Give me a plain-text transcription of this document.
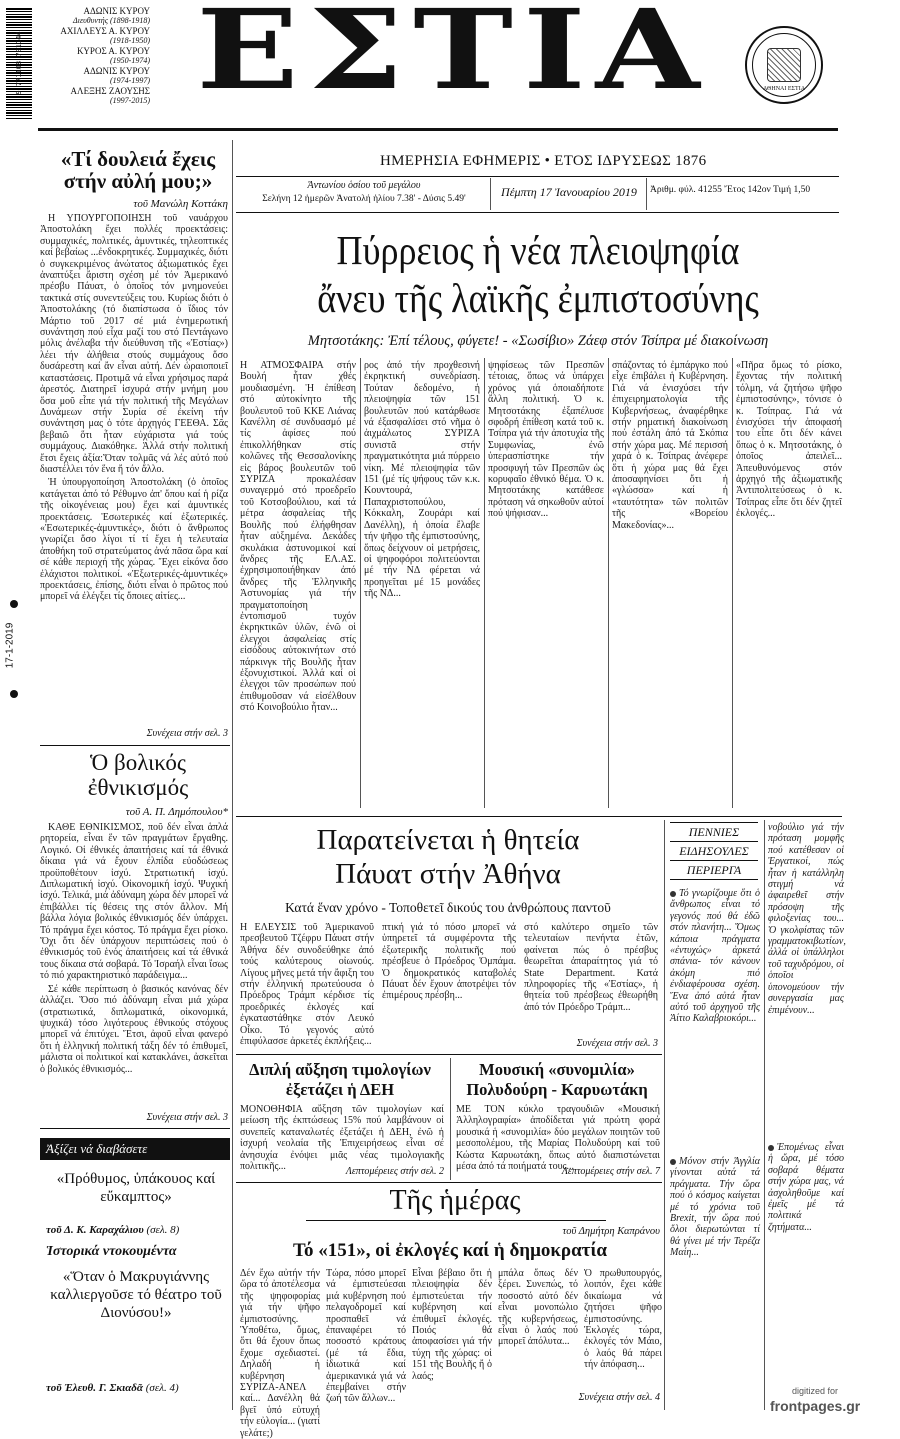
ΑΔΩΝΙΣ ΚΥΡΟΥ
Διευθυντής (1898-1918)
ΑΧΙΛΛΕΥΣ Α. ΚΥΡΟΥ
(1918-1950)
ΚΥΡΟΣ Α. ΚΥΡΟΥ
(1950-1974)
ΑΔΩΝΙΣ ΚΥΡΟΥ
(1974-1997)
ΑΛΕΞΗΣ ΖΑΟΥΣΗΣ
(1997-2015)
9 771108 701144 ΕΣΤΙΑ	ΑΘΗΝΑΙ ΕΣΤΙΑ
ΗΜΕΡΗΣΙΑ ΕΦΗΜΕΡΙΣ • ΕΤΟΣ ΙΔΡΥΣΕΩΣ 1876
Ἀντωνίου ὁσίου τοῦ μεγάλου
Σελήνη 12 ἡμερῶν Ἀνατολή ἡλίου 7.38' - Δύσις 5.49'	Πέμπτη 17 Ἰανουαρίου 2019	Ἀριθμ. φύλ. 41255 Ἔτος 142ον Τιμή 1,50
17-1-2019
«Τί δουλειά ἔχεις στήν αὐλή μου;»
τοῦ Μανώλη Κοττάκη

Η ΥΠΟΥΡΓΟΠΟΙΗΣΗ τοῦ ναυάρχου Ἀποστολάκη ἔχει πολλές προεκτάσεις: συμμαχικές, πολιτικές, ἀμυντικές, τηλεοπτικές καί βεβαίως ...ἐνδοκρητικές. Συμμαχικές, διότι ὁ συγκεκριμένος ἀνώτατος ἀξιωματικός ἔχει ἀναπτύξει ἄριστη σχέση μέ τόν Ἀμερικανό πρέσβυ Πάυατ, ὁ ὁποῖος τόν μνημονεύει τακτικά στίς συνεντεύξεις του. Κυρίως διότι ὁ Ἀποστολάκης (τό διαπίστωσα ὁ ἴδιος τόν Μάρτιο τοῦ 2017 σέ μιά ἐνημερωτική συνάντηση πού εἶχα μαζί του στό Πεντάγωνο μόλις ἀνέλαβα τήν διεύθυνση τῆς «Ἑστίας») λέει τήν ἀλήθεια στούς συμμάχους ὅσο δυσάρεστη καί ἄν εἶναι αὐτή. Δέν ὡραιοποιεῖ καταστάσεις. Προτιμᾶ νά εἶναι χρήσιμος παρά ἀρεστός. Διατηρεῖ ἰσχυρά στήν μνήμη μου ὅσα μοῦ εἶπε γιά τήν πολιτική τῆς Μεγάλων Δυνάμεων στήν Συρία σέ ἐκείνη τήν συνάντηση μας ὁ τότε ἀρχηγός ΓΕΕΘΑ. Σᾶς βεβαιῶ ὅτι ἦταν εὐχάριστα γιά τούς συμμάχους. Διακόθηκε. Ἀλλά στήν πολιτική ἔτσι ἔχεις ἀξία:Ὅταν τολμᾶς νά λές αὐτό πού διαστέλλει τόν ἕνα ἤ τόν ἄλλο.

Ἡ ὑπουργοποίηση Ἀποστολάκη (ὁ ὁποῖος κατάγεται ἀπό τό Ρέθυμνο ἀπ' ὅπου καί ἡ ρίζα τῆς οἰκογένειας μου) ἔχει καί ἀμυντικές προεκτάσεις. Ἐσωτερικές καί ἐξωτερικές. «Ἐσωτερικές-ἀμυντικές», διότι ὁ ἄνθρωπος γνωρίζει ὅσο λίγοι τί τί ἔχει ἡ τελευταία ἀποθήκη τοῦ στρατεύματος ἀνά πᾶσα ὥρα καί σέ κάθε περιοχή τῆς χώρας. Ἔχει εἰκόνα ὅσο ἐλάχιστοι πολιτικοί. «Ἐξωτερικές-ἀμυντικές» προεκτάσεις, ἐπίσης, διότι εἶναι ὁ πρῶτος πού μπορεῖ νά ἐλέγξει τίς ὅποιες αἰτίες...

Συνέχεια στήν σελ. 3
Ὁ βολικός ἐθνικισμός
τοῦ Α. Π. Δημόπουλου*

ΚΑΘΕ ΕΘΝΙΚΙΣΜΟΣ, ποῦ δέν εἶναι ἁπλά ρητορεία, εἶναι ἕν τῶν πραγμάτων ἔργαθης. Λογικό. Οἱ ἐθνικές ἀπαιτήσεις καί τά ἐθνικά δίκαια γιά νά ἔχουν ἐλπίδα εὐοδώσεως προϋποθέτουν ἰσχύ. Στρατιωτική ἰσχύ. Διπλωματική ἰσχύ. Οἰκονομική ἰσχύ. Ψυχική ἰσχύ. Τελικά, μιά ἀδύναμη χώρα δέν μπορεῖ νά ἐπιβάλλει τίς θέσεις της στόν ἄλλον. Μή βάλλα λόγια βολικός ἐθνικισμός δέν ὑπάρχει. Τό πράγμα ἔχει κόστος. Τό πράγμα ἔχει ρίσκο. Ὅχι ὅτι δέν ὑπάρχουν περιπτώσεις πού ὁ ἐθνικισμός τοῦ ἑνός ἀπαιτήσεις καί τά ἐθνικά τους δίκαια στά σοβαρά. Τό Ἰσραήλ εἶναι ἴσως τό πιό χαρακτηριστικό παράδειγμα...

Σέ κάθε περίπτωση ὁ βασικός κανόνας δέν ἀλλάζει. Ὅσο πιό ἀδύναμη εἶναι μιά χώρα (στρατιωτικά, διπλωματικά, οἰκονομικά, ψυχικά) τόσο λιγότερους ἐθνικούς στόχους μπορεῖ νά ἐπιτύχει. Ἔτσι, ἀφοῦ εἶναι φανερό ὅτι ἡ ἑλληνική πολιτική τάξη δέν τό ἐπιθυμεῖ, μάλιστα οἱ πολιτικοί καί κατακλάνει, ἀσκεῖται ὁ βολικός ἐθνικισμός...

Συνέχεια στήν σελ. 3
Ἀξίζει νά διαβάσετε
«Πρόθυμος, ὑπάκουος καί εὔκαμπτος»
τοῦ Δ. Κ. Καραχάλιου (σελ. 8)
Ἱστορικά ντοκουμέντα
«Ὅταν ὁ Μακρυγιάννης καλλιεργοῦσε τό θέατρο τοῦ Διονύσου!»
τοῦ Ἐλευθ. Γ. Σκιαδᾶ (σελ. 4)
Πύρρειος ἡ νέα πλειοψηφία
ἄνευ τῆς λαϊκῆς ἐμπιστοσύνης
Μητσοτάκης: Ἐπί τέλους, φύγετε! - «Σωσίβιο» Ζάεφ στόν Τσίπρα μέ διακοίνωση

Η ΑΤΜΟΣΦΑΙΡΑ στήν Βουλή ἦταν χθές μουδιασμένη. Ἡ ἐπίθεση στό αὐτοκίνητο τῆς βουλευτοῦ τοῦ ΚΚΕ Λιάνας Κανέλλη σέ συνδυασμό μέ τίς ἀφίσες πού ἐπικολλήθηκαν στίς κολῶνες τῆς Θεσσαλονίκης εἰς βάρος βουλευτῶν τοῦ ΣΥΡΙΖΑ προκαλέσαν συναγερμό στό προεδρεῖο τοῦ Κοτσοβούλιου, καί τά μέτρα ἀσφαλείας τῆς Βουλῆς πού ἐλήφθησαν ἦταν αὐξημένα. Δεκάδες σκυλάκια ἀστυνομικοί καί ἄνδρες τῆς ΕΛ.ΑΣ. ἐχρησιμοποιήθηκαν ἀπό ἄνδρες τῆς Ἑλληνικῆς Ἀστυνομίας γιά τήν πραγματοποίηση ἐντοπισμοῦ τυχόν ἐκρηκτικῶν ὑλῶν, ἐνῶ οἱ ἐλεγχοι ἀσφαλείας στίς εἰσόδους αὐτοκινήτων στό πάρκινγκ τῆς Βουλῆς ἦταν ἐξονυχιστικοί. Ἀλλά καί οἱ ἐλεγχοι τῶν προσώπων πού ἐπιθυμοῦσαν νά εἰσέλθουν στό Κοινοβούλιο ἦταν...

ρος ἀπό τήν προχθεσινή ἐκρηκτική συνεδρίαση. Τούταν δεδομένο, ἡ πλειοψηφία τῶν 151 βουλευτῶν πού κατάρθωσε νά ἐξασφαλίσει στό νῆμα ὁ ἀιχμάλωτος ΣΥΡΙΖΑ συνιστᾶ στήν πραγματικότητα μιά πύρρειο νίκη. Μέ πλειοψηφία τῶν 151 (μέ τίς ψήφους τῶν κ.κ. Κουντουρά, Παπαχριστοπούλου, Κόκκαλη, Ζουράρι καί Δανέλλη), ἡ ὁποία ἔλαβε τήν ψῆφο τῆς ἐμπιστοσύνης, ὅπως δείχνουν οἱ μετρήσεις, οἱ ψηφοφόροι πολιτεύονται μέ τήν ΝΔ φέρεται νά προηγεῖται μέ 15 μονάδες τῆς ΝΔ...

ψηφίσεως τῶν Πρεσπῶν τέτοιας, ὅπως νά ὑπάρχει χρόνος γιά ὁποιαδήποτε ἄλλη πολιτική. Ὁ κ. Μητσοτάκης ἐξαπέλυσε σφοδρή ἐπίθεση κατά τοῦ κ. Τσίπρα γιά τήν ἀποτυχία τῆς Συμφωνίας, ἐνῶ ὑπερασπίστηκε τήν προσφυγή τῶν Πρεσπῶν ὡς κορυφαῖο ἐθνικό θέμα. Ὁ κ. Μητσοτάκης κατάθεσε πρόταση νά σηκωθοῦν αὐτοί πού ψήφισαν...

σπάζοντας τό ἐμπάργκο πού εἶχε ἐπιβάλει ἡ Κυβέρνηση. Γιά νά ἐνισχύσει τήν ἐπιχειρηματολογία τῆς Κυβερνήσεως, ἀναφέρθηκε στήν ρηματική διακοίνωση πού ἐστάλη ἀπό τά Σκόπια στήν χώρα μας. Μέ περισσή χαρά ὁ κ. Τσίπρας ἀνέφερε ὅτι ἡ χώρα μας θά ἔχει ἀποσαφηνίσει ὅτι ἡ «γλώσσα» καί ἡ «ταυτότητα» τῶν πολιτῶν τῆς «Βορείου Μακεδονίας»...

«Πῆρα ὅμως τό ρίσκο, ἔχοντας τήν πολιτική τόλμη, νά ζητήσω ψῆφο ἐμπιστοσύνης», τόνισε ὁ κ. Τσίπρας. Γιά νά ἐνισχύσει τήν ἀποφασή του εἶπε ὅτι δέν κάνει ὅπως ὁ κ. Μητσοτάκης, ὁ ὁποῖος ἀπειλεῖ... Ἀπευθυνόμενος στόν ἀρχηγό τῆς ἀξιωματικῆς Ἀντιπολιτεύσεως ὁ κ. Τσίπρας εἶπε ὅτι δέν ζητεῖ ἐκλογές...

Παρατείνεται ἡ θητεία
Πάυατ στήν Ἀθήνα
Κατά ἕναν χρόνο - Τοποθετεῖ δικούς του ἀνθρώπους παντοῦ

Η ΕΛΕΥΣΙΣ τοῦ Ἀμερικανοῦ πρεσβευτοῦ Τζέφρυ Πάυατ στήν Ἀθήνα δέν συνοδεύθηκε ἀπό τούς καλύτερους οἰωνούς. Λίγους μῆνες μετά τήν ἄφιξη του στήν ἑλληνική πρωτεύουσα ὁ Πρόεδρος Τράμπ κέρδισε τίς προεδρικές ἐκλογές καί ἐγκαταστάθηκε στόν Λευκό Οἶκο. Τό γεγονός αὐτό ἐπιφύλασσε ἀρκετές ἐκπλήξεις...

πτική γιά τό πόσο μπορεῖ νά ὑπηρετεῖ τά συμφέροντα τῆς ἐξωτερικῆς πολιτικῆς πού πρέσβευε ὁ Πρόεδρος Ὀμπάμα. Ὁ δημοκρατικός καταβολές Πάυατ δέν ἔχουν ἀποτρέψει τόν ἐπιμέρους πρέσβη...

στό καλύτερο σημεῖο τῶν τελευταίων πενήντα ἐτῶν, φαίνεται πώς ὁ πρέσβυς θεωρεῖται ἀπαραίτητος γιά τό State Department. Κατά πληροφορίες τῆς «Ἑστίας», ἡ θητεία τοῦ πρέσβεως ἐθεωρήθη ἀπό τόν Πρόεδρο Τράμπ...

Συνέχεια στήν σελ. 3
Διπλή αὔξηση τιμολογίων ἐξετάζει ἡ ΔΕΗ

ΜΟΝΟΘΗΦΙΑ αὔξηση τῶν τιμολογίων καί μείωση τῆς ἐκπτώσεως 15% πού λαμβάνουν οἱ συνεπεῖς καταναλωτές ἐξετάζει ἡ ΔΕΗ, ἐνῶ ἡ ἰσχυρή νεολαία τῆς Ἐπιχειρήσεως εἶναι σέ ἀνησυχία ἐνόψει μιᾶς νέας τιμολογιακῆς πολιτικῆς...	Λεπτομέρειες στήν σελ. 2
Μουσική «συνομιλία»
Πολυδούρη - Καρυωτάκη

ΜΕ ΤΟΝ κύκλο τραγουδιῶν «Μουσική Ἀλληλογραφία» ἀποδίδεται γιά πρώτη φορά μουσικά ἡ «συνομιλία» δύο μεγάλων ποιητῶν τοῦ μεσοπολέμου, τῆς Μαρίας Πολυδούρη καί τοῦ Κώστα Καρυωτάκη, ὅπως αὐτό διαπιστώνεται μέσα ἀπό τά ποιήματά τους...

Λεπτομέρειες στήν σελ. 7
ΠΕΝΝΙΕΣ
ΕΙΔΗΣΟΥΛΕΣ
ΠΕΡΙΕΡΓΑ

Τό γνωρίζουμε ὅτι ὁ ἄνθρωπος εἶναι τό γεγονός πού θά ἐδῶ στόν πλανήτη... Ὅμως κάποια πράγματα «ἐντυχώς» ἀρκετά σπάνια- τόν κάνουν ἀκόμη πιό ἐνδιαφέρουσα σχέση. Ἕνα ἀπό αὐτά ἦταν αὐτό τοῦ ἀρχηγοῦ τῆς Ἀίτιο Καλαβριοκόρι...

Μόνον στήν Ἀγγλία γίνονται αὐτά τά πράγματα. Τήν ὥρα πού ὁ κόσμος καίγεται μέ τό χρόνια τοῦ Brexit, τήν ὥρα πού ὅλοι διερωτώνται τί θά γίνει μέ τήν Τερέζα Μαίη...

νοβούλιο γιά τήν πρόταση μομφῆς πού κατέθεσαν οἱ Ἐργατικοί, πώς ἦταν ἡ κατάλληλη στιγμή νά ἀφαιρεθεῖ στήν πρόσοψη τῆς φιλοξενίας του... Ὁ γκολφίστας τῶν γραμματοκιβωτίων, ἀλλά οἱ ὑπάλληλοι τοῦ ταχυδρόμου, οἱ ὁποῖοι ὑπονομεύουν τήν συνεργασία μας ἐπιμένουν...

Ἐπομένως εἶναι ἡ ὥρα, μέ τόσο σοβαρά θέματα στήν χώρα μας, νά ἀσχοληθοῦμε καί ἐμεῖς μέ τά πολιτικά ζητήματα...

Τῆς ἡμέρας
τοῦ Δημήτρη Καπράνου
Τό «151», οἱ ἐκλογές καί ἡ δημοκρατία

Δέν ἔχω αὐτήν τήν ὥρα τό ἀποτέλεσμα τῆς ψηφοφορίας γιά τήν ψῆφο ἐμπιστοσύνης. Ὑποθέτω, ὅμως, ὅτι θά ἔχουν ὅπως ἔχομε σχεδιαστεί. Δηλαδή ἡ κυβέρνηση ΣΥΡΙΖΑ-ΑΝΕΛ καί... Δανέλλη θά βγεῖ ὑπό εὐτυχή τήν εὐλογία... (γιατί γελάτε;)

Τώρα, πόσο μπορεῖ νά ἐμπιστεύεσαι μιά κυβέρνηση πού πελαγοδρομεῖ καί προσπαθεῖ νά ἐπαναφέρει τό ποσοστό κράτους (μέ τά ἔδια, ἰδιωτικά καί ἀμερικανικά γιά νά ἐπεμβαίνει στήν ζωή τῶν ἄλλων...

Εἶναι βέβαιο ὅτι ἡ πλειοψηφία δέν ἐμπιστεύεται τήν κυβέρνηση καί ἐπιθυμεῖ ἐκλογές. Ποιός θά ἀποφασίσει γιά τήν τύχη τῆς χώρας: οἱ 151 τῆς Βουλῆς ἤ ὁ λαός;

μπάλα ὅπως δέν ξέρει. Συνεπώς, τό ποσοστό αὐτό δέν εἶναι μονοπώλιο τῆς κυβερνήσεως, εἶναι ὁ λαός πού μπορεῖ ἀπόλυτα...

Ὁ πρωθυπουργός, λοιπόν, ἔχει κάθε δικαίωμα νά ζητήσει ψῆφο ἐμπιστοσύνης. Ἐκλογές τώρα, ἐκλογές τόν Μάιο, ὁ λαός θά πάρει τήν ἀπόφαση...

Συνέχεια στήν σελ. 4
digitized for
frontpages.gr
